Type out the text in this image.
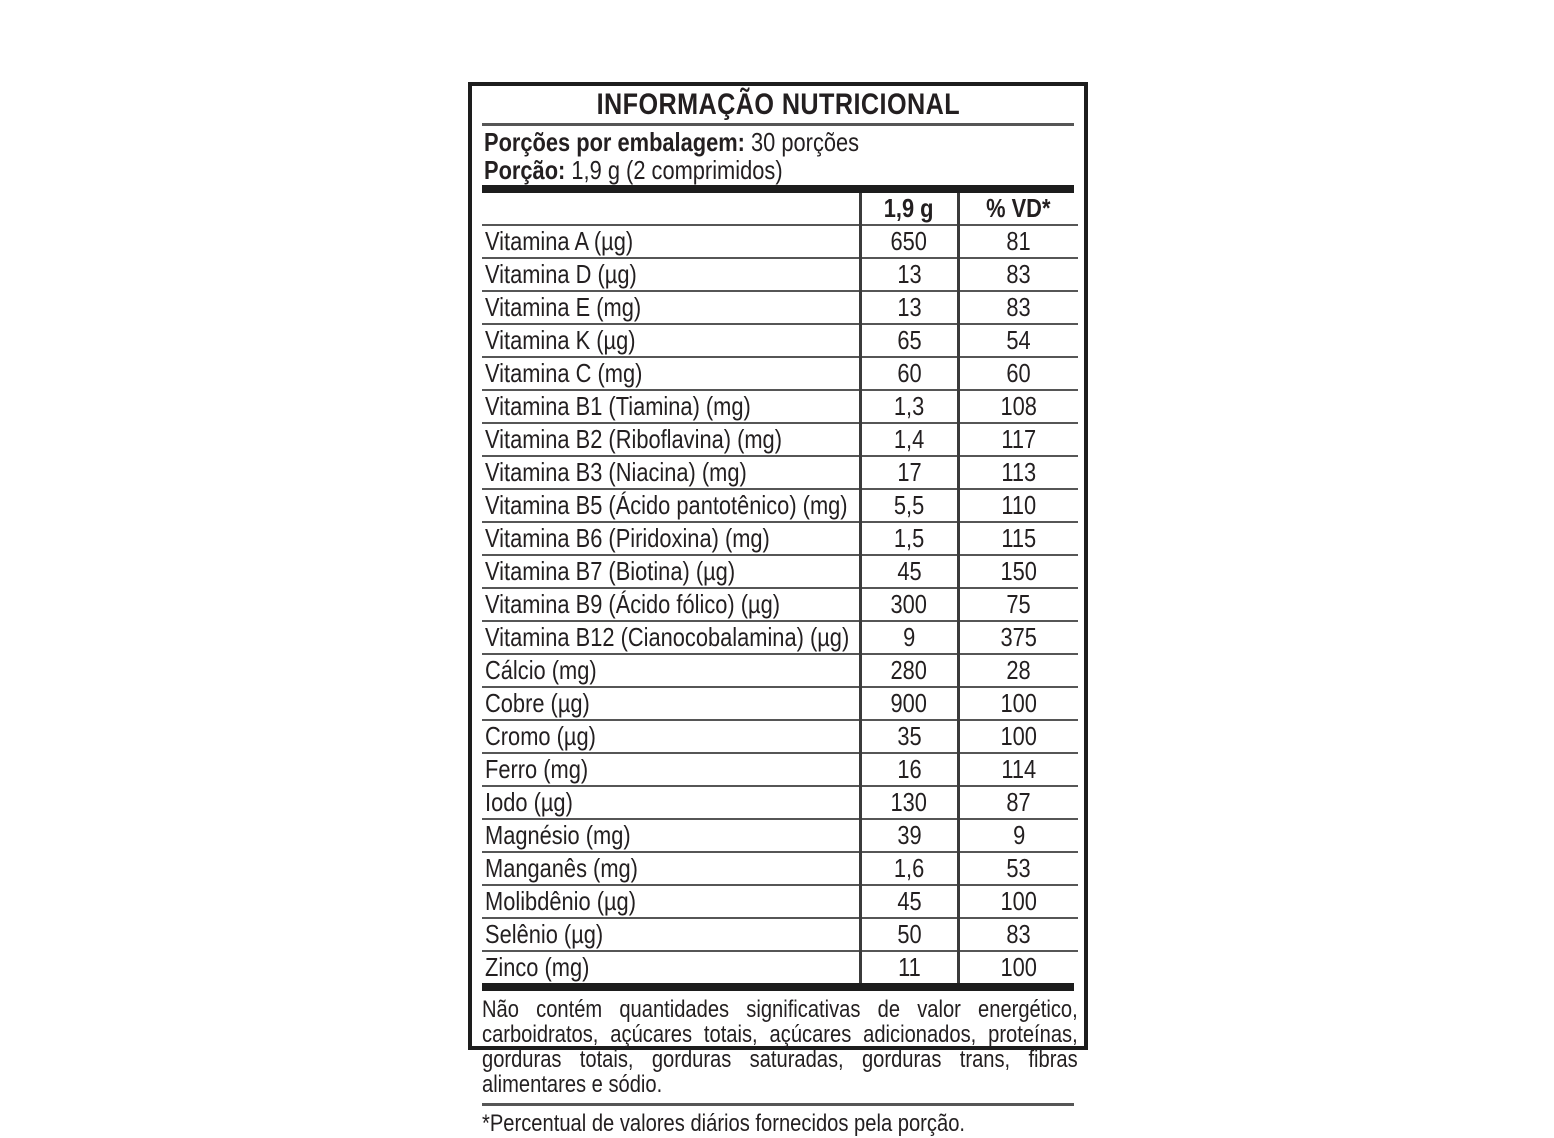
INFORMAÇÃO NUTRICIONAL
Porções por embalagem: 30 porções
Porção: 1,9 g (2 comprimidos)
	1,9 g	% VD*
Vitamina A (µg)	650	81
Vitamina D (µg)	13	83
Vitamina E (mg)	13	83
Vitamina K (µg)	65	54
Vitamina C (mg)	60	60
Vitamina B1 (Tiamina) (mg)	1,3	108
Vitamina B2 (Riboflavina) (mg)	1,4	117
Vitamina B3 (Niacina) (mg)	17	113
Vitamina B5 (Ácido pantotênico) (mg)	5,5	110
Vitamina B6 (Piridoxina) (mg)	1,5	115
Vitamina B7 (Biotina) (µg)	45	150
Vitamina B9 (Ácido fólico) (µg)	300	75
Vitamina B12 (Cianocobalamina) (µg)	9	375
Cálcio (mg)	280	28
Cobre (µg)	900	100
Cromo (µg)	35	100
Ferro (mg)	16	114
Iodo (µg)	130	87
Magnésio (mg)	39	9
Manganês (mg)	1,6	53
Molibdênio (µg)	45	100
Selênio (µg)	50	83
Zinco (mg)	11	100
Não contém quantidades significativas de valor energético, carboidratos, açúcares totais, açúcares adicionados, proteínas, gorduras totais, gorduras saturadas, gorduras trans, fibras alimentares e sódio.
*Percentual de valores diários fornecidos pela porção.
